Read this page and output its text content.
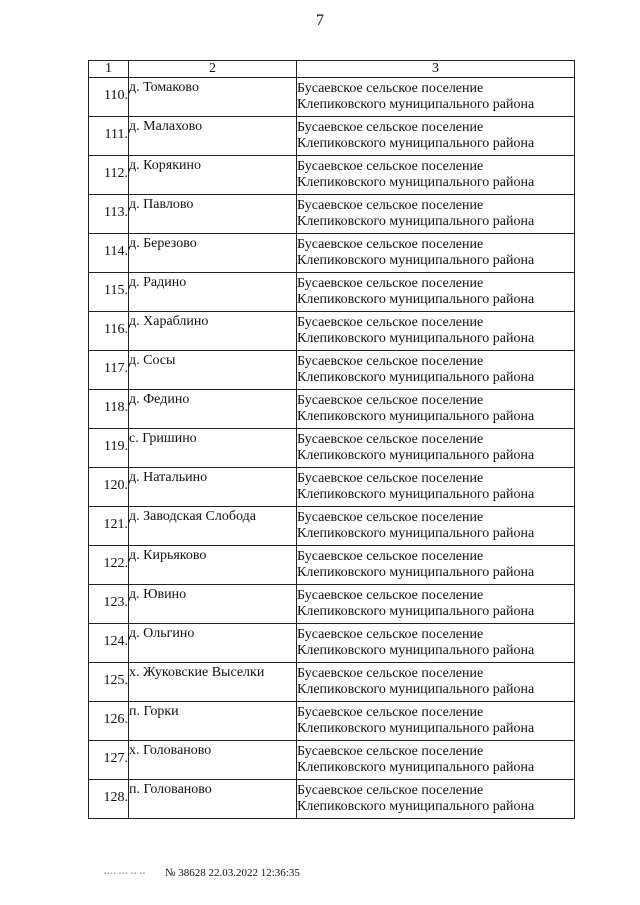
7
1	2	3

110.	д. Томаково	Бусаевское сельское поселение Клепиковского муниципального района

111.	д. Малахово	Бусаевское сельское поселение Клепиковского муниципального района

112.	д. Корякино	Бусаевское сельское поселение Клепиковского муниципального района

113.	д. Павлово	Бусаевское сельское поселение Клепиковского муниципального района

114.	д. Березово	Бусаевское сельское поселение Клепиковского муниципального района

115.	д. Радино	Бусаевское сельское поселение Клепиковского муниципального района

116.	д. Хараблино	Бусаевское сельское поселение Клепиковского муниципального района

117.	д. Сосы	Бусаевское сельское поселение Клепиковского муниципального района

118.	д. Федино	Бусаевское сельское поселение Клепиковского муниципального района

119.	с. Гришино	Бусаевское сельское поселение Клепиковского муниципального района

120.	д. Натальино	Бусаевское сельское поселение Клепиковского муниципального района

121.	д. Заводская Слобода	Бусаевское сельское поселение Клепиковского муниципального района

122.	д. Кирьяково	Бусаевское сельское поселение Клепиковского муниципального района

123.	д. Ювино	Бусаевское сельское поселение Клепиковского муниципального района

124.	д. Ольгино	Бусаевское сельское поселение Клепиковского муниципального района

125.	х. Жуковские Выселки	Бусаевское сельское поселение Клепиковского муниципального района

126.	п. Горки	Бусаевское сельское поселение Клепиковского муниципального района

127.	х. Голованово	Бусаевское сельское поселение Клепиковского муниципального района

128.	п. Голованово	Бусаевское сельское поселение Клепиковского муниципального района
▪▪▪▪ ▪▪▪ ▪▪ ▪▪ № 38628 22.03.2022 12:36:35
